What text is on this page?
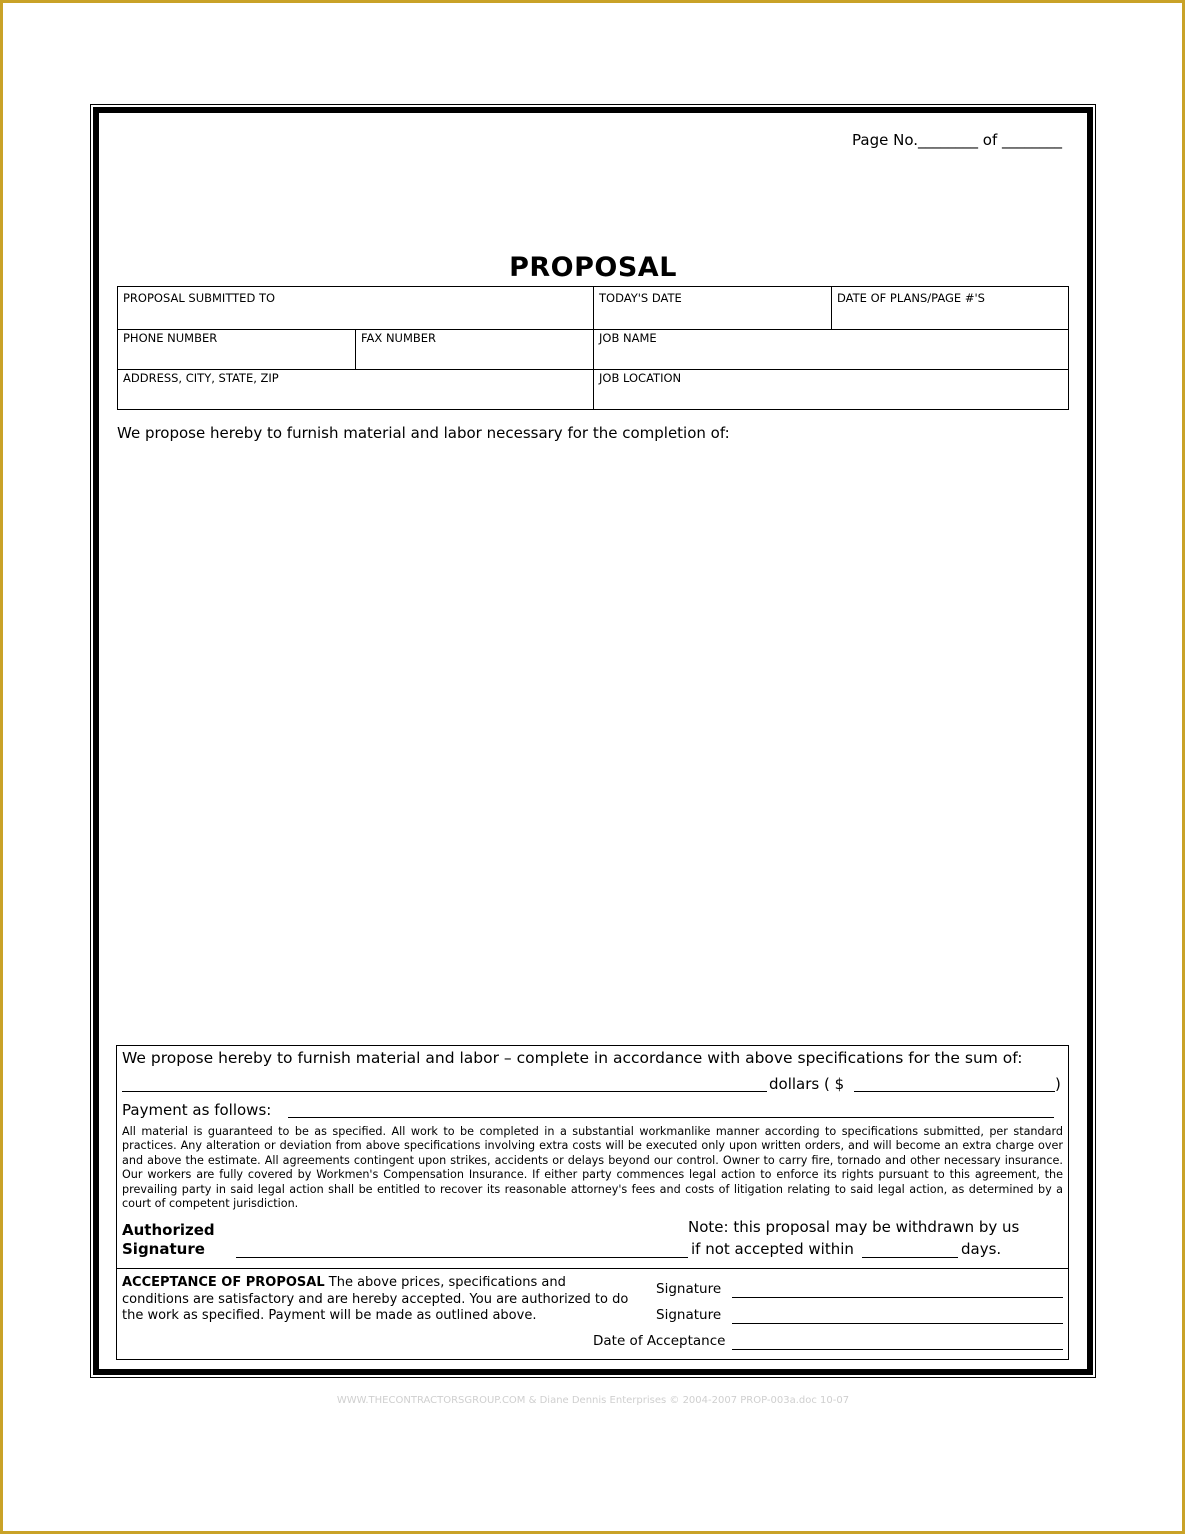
Page No.________ of ________
PROPOSAL
PROPOSAL SUBMITTED TO	TODAY'S DATE	DATE OF PLANS/PAGE #'S
PHONE NUMBER	FAX NUMBER	JOB NAME
ADDRESS, CITY, STATE, ZIP	JOB LOCATION
We propose hereby to furnish material and labor necessary for the completion of:
We propose hereby to furnish material and labor – complete in accordance with above specifications for the sum of:
dollars ( $	)
Payment as follows:
All material is guaranteed to be as specified. All work to be completed in a substantial workmanlike manner according to specifications submitted, per standard practices. Any alteration or deviation from above specifications involving extra costs will be executed only upon written orders, and will become an extra charge over and above the estimate. All agreements contingent upon strikes, accidents or delays beyond our control. Owner to carry fire, tornado and other necessary insurance. Our workers are fully covered by Workmen's Compensation Insurance. If either party commences legal action to enforce its rights pursuant to this agreement, the prevailing party in said legal action shall be entitled to recover its reasonable attorney's fees and costs of litigation relating to said legal action, as determined by a court of competent jurisdiction.
Authorized
Signature
Note: this proposal may be withdrawn by us
if not accepted within	days.
ACCEPTANCE OF PROPOSAL The above prices, specifications and conditions are satisfactory and are hereby accepted. You are authorized to do the work as specified. Payment will be made as outlined above.
Signature
Signature
Date of Acceptance
WWW.THECONTRACTORSGROUP.COM & Diane Dennis Enterprises © 2004-2007 PROP-003a.doc 10-07
